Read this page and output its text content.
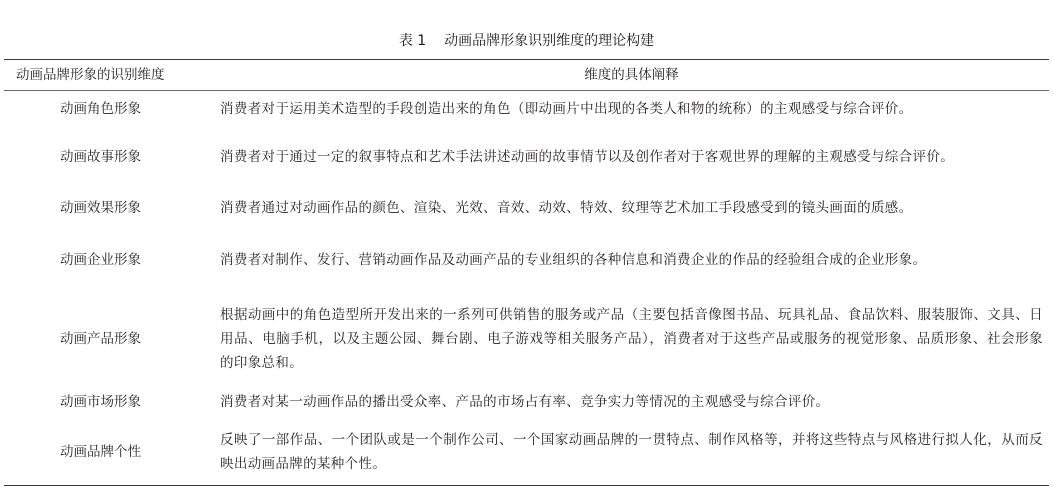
表 1 动画品牌形象识别维度的理论构建
动画品牌形象的识别维度	维度的具体阐释
动画角色形象	消费者对于运用美术造型的手段创造出来的角色（即动画片中出现的各类人和物的统称）的主观感受与综合评价。
动画故事形象	消费者对于通过一定的叙事特点和艺术手法讲述动画的故事情节以及创作者对于客观世界的理解的主观感受与综合评价。
动画效果形象	消费者通过对动画作品的颜色、渲染、光效、音效、动效、特效、纹理等艺术加工手段感受到的镜头画面的质感。
动画企业形象	消费者对制作、发行、营销动画作品及动画产品的专业组织的各种信息和消费企业的作品的经验组合成的企业形象。
动画产品形象	根据动画中的角色造型所开发出来的一系列可供销售的服务或产品（主要包括音像图书品、玩具礼品、食品饮料、服装服饰、文具、日用品、电脑手机，以及主题公园、舞台剧、电子游戏等相关服务产品），消费者对于这些产品或服务的视觉形象、品质形象、社会形象的印象总和。
动画市场形象	消费者对某一动画作品的播出受众率、产品的市场占有率、竞争实力等情况的主观感受与综合评价。
动画品牌个性	反映了一部作品、一个团队或是一个制作公司、一个国家动画品牌的一贯特点、制作风格等，并将这些特点与风格进行拟人化，从而反映出动画品牌的某种个性。
